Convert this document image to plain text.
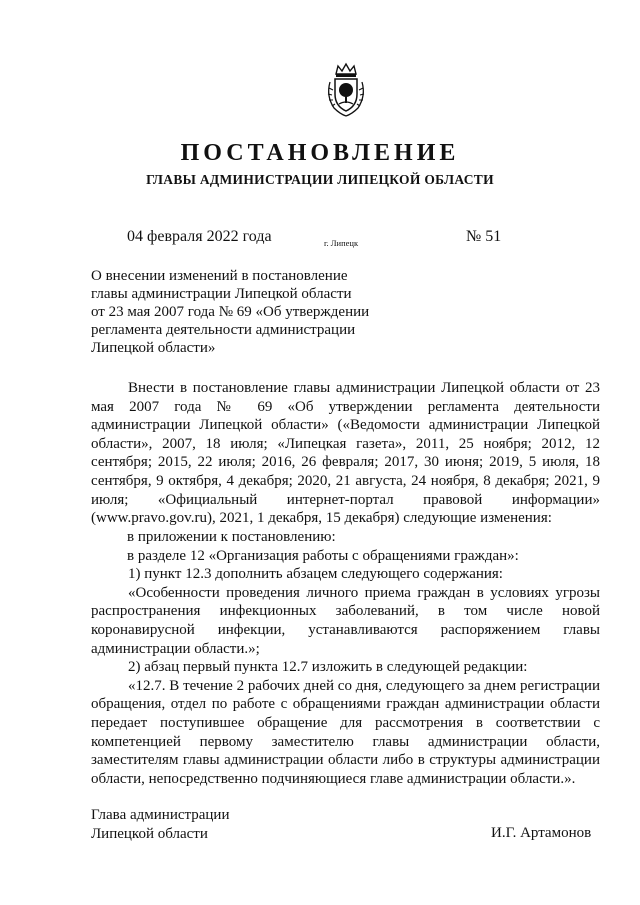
ПОСТАНОВЛЕНИЕ
ГЛАВЫ АДМИНИСТРАЦИИ ЛИПЕЦКОЙ ОБЛАСТИ
04 февраля 2022 года	г. Липецк	№ 51
О внесении изменений в постановление
главы администрации Липецкой области
от 23 мая 2007 года № 69 «Об утверждении
регламента деятельности администрации
Липецкой области»
Внести в постановление главы администрации Липецкой области от 23 мая 2007 года № 69 «Об утверждении регламента деятельности администрации Липецкой области» («Ведомости администрации Липецкой области», 2007, 18 июля; «Липецкая газета», 2011, 25 ноября; 2012, 12 сентября; 2015, 22 июля; 2016, 26 февраля; 2017, 30 июня; 2019, 5 июля, 18 сентября, 9 октября, 4 декабря; 2020, 21 августа, 24 ноября, 8 декабря; 2021, 9 июля; «Официальный интернет-портал правовой информации» (www.pravo.gov.ru), 2021, 1 декабря, 15 декабря) следующие изменения:
в приложении к постановлению:
в разделе 12 «Организация работы с обращениями граждан»:
1) пункт 12.3 дополнить абзацем следующего содержания:
«Особенности проведения личного приема граждан в условиях угрозы распространения инфекционных заболеваний, в том числе новой коронавирусной инфекции, устанавливаются распоряжением главы администрации области.»;
2) абзац первый пункта 12.7 изложить в следующей редакции:
«12.7. В течение 2 рабочих дней со дня, следующего за днем регистрации обращения, отдел по работе с обращениями граждан администрации области передает поступившее обращение для рассмотрения в соответствии с компетенцией первому заместителю главы администрации области, заместителям главы администрации области либо в структуры администрации области, непосредственно подчиняющиеся главе администрации области.».
Глава администрации
Липецкой области	И.Г. Артамонов
